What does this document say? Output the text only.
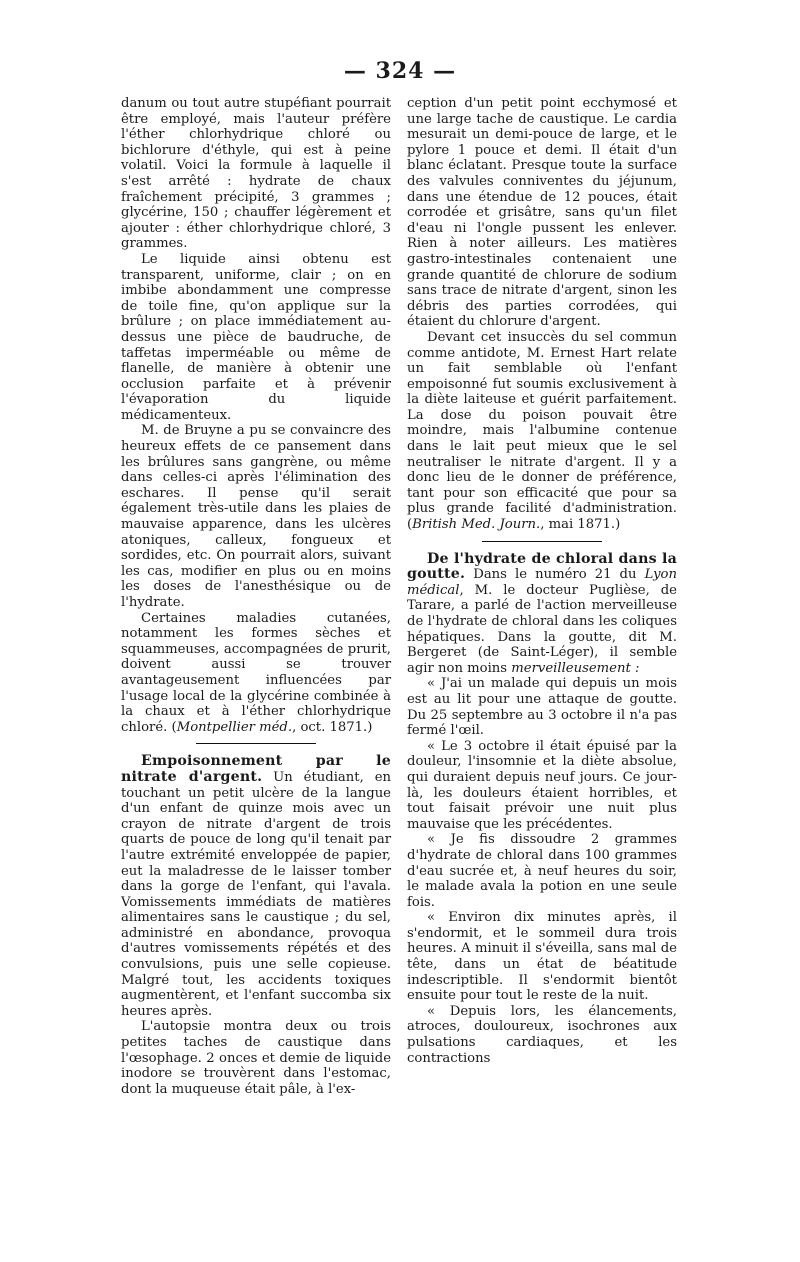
— 324 —

danum ou tout autre stupéfiant pourrait être employé, mais l'auteur préfère l'éther chlorhydrique chloré ou bichlorure d'éthyle, qui est à peine volatil. Voici la formule à laquelle il s'est arrêté : hydrate de chaux fraîchement précipité, 3 grammes ; glycérine, 150 ; chauffer légèrement et ajouter : éther chlorhydrique chloré, 3 grammes.

Le liquide ainsi obtenu est transparent, uniforme, clair ; on en imbibe abondamment une compresse de toile fine, qu'on applique sur la brûlure ; on place immédiatement au-dessus une pièce de baudruche, de taffetas imperméable ou même de flanelle, de manière à obtenir une occlusion parfaite et à prévenir l'évaporation du liquide médicamenteux.

M. de Bruyne a pu se convaincre des heureux effets de ce pansement dans les brûlures sans gangrène, ou même dans celles-ci après l'élimination des eschares. Il pense qu'il serait également très-utile dans les plaies de mauvaise apparence, dans les ulcères atoniques, calleux, fongueux et sordides, etc. On pourrait alors, suivant les cas, modifier en plus ou en moins les doses de l'anesthésique ou de l'hydrate.

Certaines maladies cutanées, notamment les formes sèches et squammeuses, accompagnées de prurit, doivent aussi se trouver avantageusement influencées par l'usage local de la glycérine combinée à la chaux et à l'éther chlorhydrique chloré. (Montpellier méd., oct. 1871.)

Empoisonnement par le nitrate d'argent. Un étudiant, en touchant un petit ulcère de la langue d'un enfant de quinze mois avec un crayon de nitrate d'argent de trois quarts de pouce de long qu'il tenait par l'autre extrémité enveloppée de papier, eut la maladresse de le laisser tomber dans la gorge de l'enfant, qui l'avala. Vomissements immédiats de matières alimentaires sans le caustique ; du sel, administré en abondance, provoqua d'autres vomissements répétés et des convulsions, puis une selle copieuse. Malgré tout, les accidents toxiques augmentèrent, et l'enfant succomba six heures après.

L'autopsie montra deux ou trois petites taches de caustique dans l'œsophage. 2 onces et demie de liquide inodore se trouvèrent dans l'estomac, dont la muqueuse était pâle, à l'ex-

ception d'un petit point ecchymosé et une large tache de caustique. Le cardia mesurait un demi-pouce de large, et le pylore 1 pouce et demi. Il était d'un blanc éclatant. Presque toute la surface des valvules conniventes du jéjunum, dans une étendue de 12 pouces, était corrodée et grisâtre, sans qu'un filet d'eau ni l'ongle pussent les enlever. Rien à noter ailleurs. Les matières gastro-intestinales contenaient une grande quantité de chlorure de sodium sans trace de nitrate d'argent, sinon les débris des parties corrodées, qui étaient du chlorure d'argent.

Devant cet insuccès du sel commun comme antidote, M. Ernest Hart relate un fait semblable où l'enfant empoisonné fut soumis exclusivement à la diète laiteuse et guérit parfaitement. La dose du poison pouvait être moindre, mais l'albumine contenue dans le lait peut mieux que le sel neutraliser le nitrate d'argent. Il y a donc lieu de le donner de préférence, tant pour son efficacité que pour sa plus grande facilité d'administration. (British Med. Journ., mai 1871.)

De l'hydrate de chloral dans la goutte. Dans le numéro 21 du Lyon médical, M. le docteur Puglièse, de Tarare, a parlé de l'action merveilleuse de l'hydrate de chloral dans les coliques hépatiques. Dans la goutte, dit M. Bergeret (de Saint-Léger), il semble agir non moins merveilleusement :

« J'ai un malade qui depuis un mois est au lit pour une attaque de goutte. Du 25 septembre au 3 octobre il n'a pas fermé l'œil.

« Le 3 octobre il était épuisé par la douleur, l'insomnie et la diète absolue, qui duraient depuis neuf jours. Ce jour-là, les douleurs étaient horribles, et tout faisait prévoir une nuit plus mauvaise que les précédentes.

« Je fis dissoudre 2 grammes d'hydrate de chloral dans 100 grammes d'eau sucrée et, à neuf heures du soir, le malade avala la potion en une seule fois.

« Environ dix minutes après, il s'endormit, et le sommeil dura trois heures. A minuit il s'éveilla, sans mal de tête, dans un état de béatitude indescriptible. Il s'endormit bientôt ensuite pour tout le reste de la nuit.

« Depuis lors, les élancements, atroces, douloureux, isochrones aux pulsations cardiaques, et les contractions
